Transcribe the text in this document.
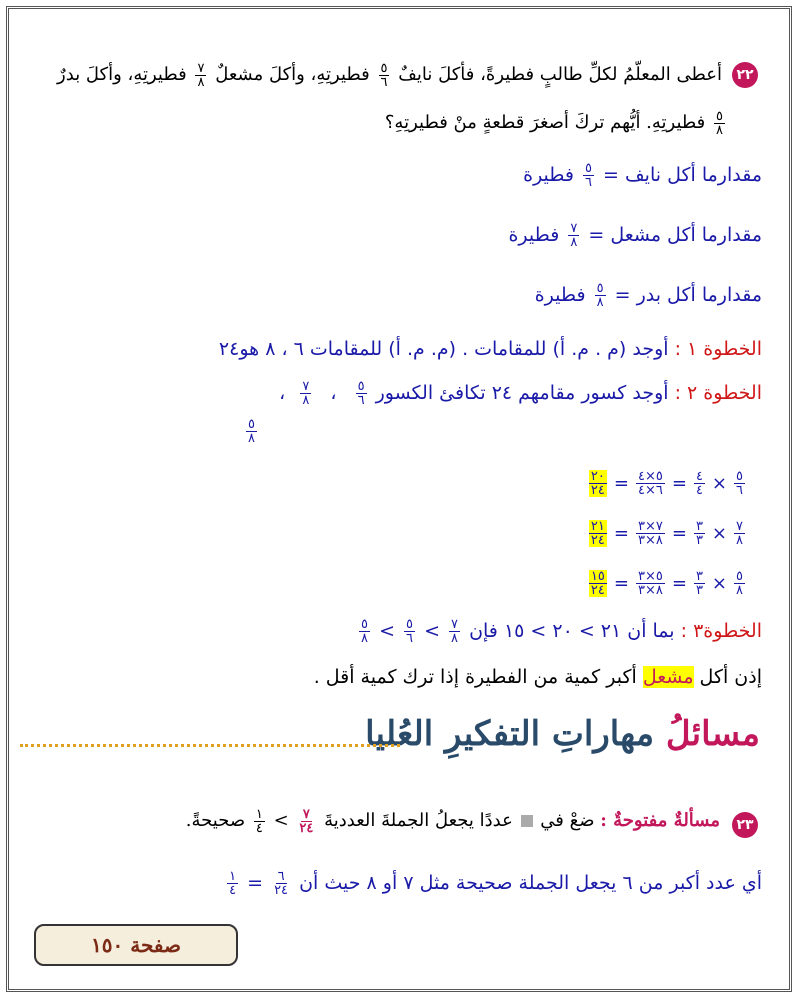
٢٢
أعطى المعلّمُ لكلِّ طالبٍ فطيرةً، فأكلَ نايفٌ
$\frac{٥}{٦}$
فطيرتِهِ، وأكلَ مشعلٌ
$\frac{٧}{٨}$
فطيرتِهِ، وأكلَ بدرٌ
$\frac{٥}{٨}$
فطيرتِهِ. أيُّهم تركَ أصغرَ قطعةٍ منْ فطيرتِهِ؟
مقدارما أكل نايف =
$\frac{٥}{٦}$
فطيرة
مقدارما أكل مشعل =
$\frac{٧}{٨}$
فطيرة
مقدارما أكل بدر =
$\frac{٥}{٨}$
فطيرة
الخطوة ١ : أوجد (م . م. أ) للمقامات . (م. م. أ) للمقامات ٦ ، ٨ هو٢٤
الخطوة ٢ : أوجد كسور مقامهم ٢٤ تكافئ الكسور
$\frac{٥}{٦}$
،
$\frac{٧}{٨}$
،
$\frac{٥}{٨}$
$\frac{٢٠}{٢٤} = \frac{٥\times ٤}{٦\times ٤} = \frac{٤}{٤} \times \frac{٥}{٦}$
$\frac{٢١}{٢٤} = \frac{٧\times ٣}{٨\times ٣} = \frac{٣}{٣} \times \frac{٧}{٨}$
$\frac{١٥}{٢٤} = \frac{٥\times ٣}{٨\times ٣} = \frac{٣}{٣} \times \frac{٥}{٨}$
الخطوة٣ : بما أن ٢١ > ٢٠ > ١٥ فإن
$\frac{٧}{٨}$
>
$\frac{٥}{٦}$
>
$\frac{٥}{٨}$
إذن أكل مشعل أكبر كمية من الفطيرة إذا ترك كمية أقل .
مسائلُ مهاراتِ التفكيرِ العُليا
٢٣
مسألةٌ مفتوحةٌ : ضعْ في  عددًا يجعلُ الجملةَ العدديةَ
$\frac{٧}{٢٤}$
>
$\frac{١}{٤}$
صحيحةً.
أي عدد أكبر من ٦ يجعل الجملة صحيحة مثل ٧ أو ٨ حيث أن
$\frac{٦}{٢٤}$
=
$\frac{١}{٤}$
صفحة ١٥٠
